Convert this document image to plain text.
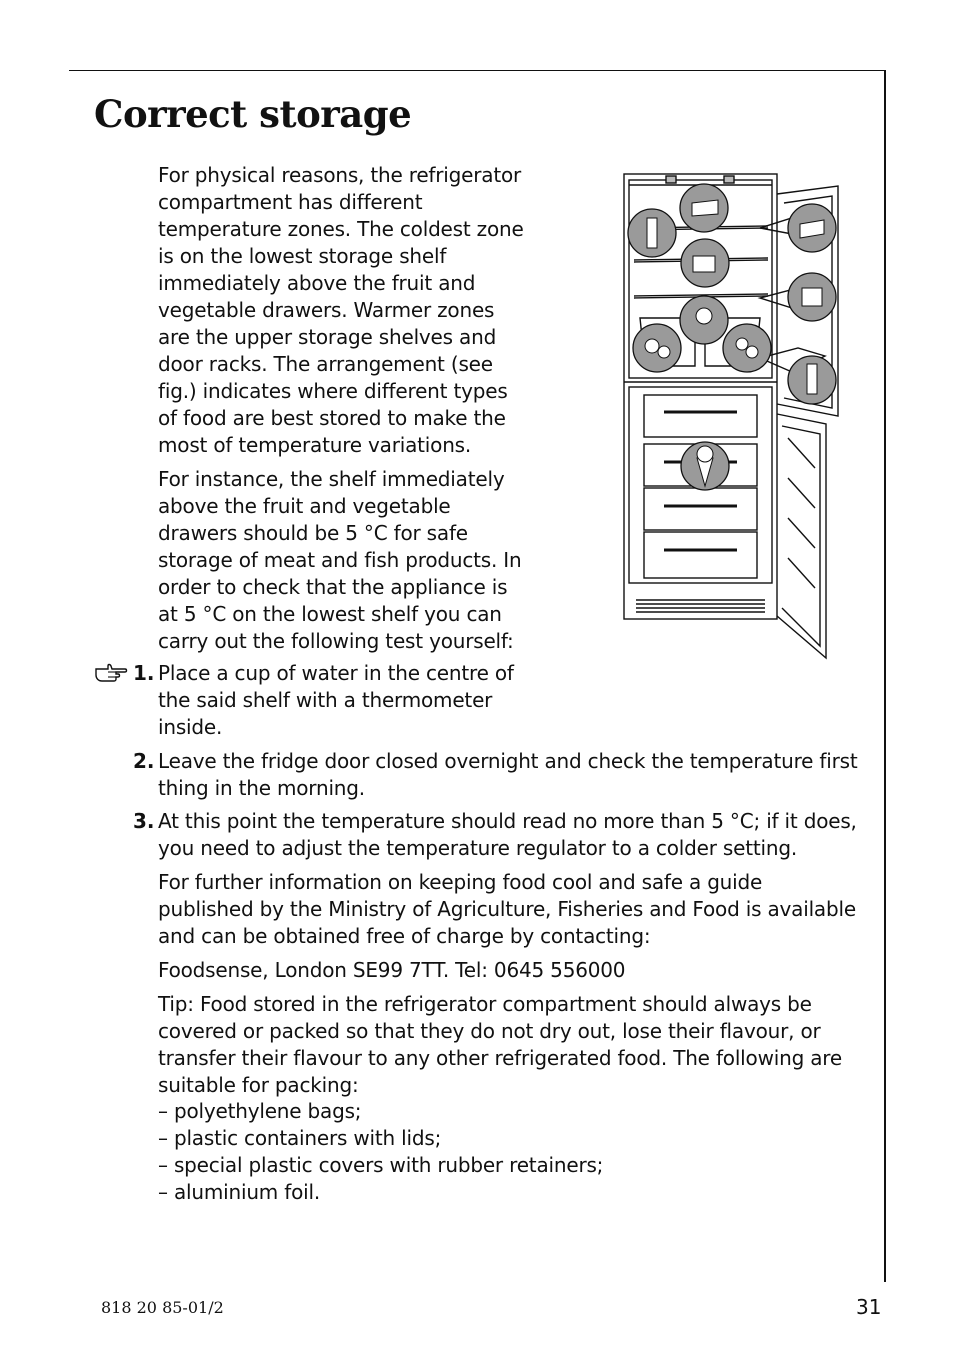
Correct storage

For physical reasons, the refrigerator compartment has different temperature zones. The coldest zone is on the lowest storage shelf immediately above the fruit and vegetable drawers. Warmer zones are the upper storage shelves and door racks. The arrangement (see fig.) indicates where different types of food are best stored to make the most of temperature variations.

For instance, the shelf immediately above the fruit and vegetable drawers should be 5 °C for safe storage of meat and fish products. In order to check that the appliance is at 5 °C on the lowest shelf you can carry out the following test yourself:

1. Place a cup of water in the centre of the said shelf with a thermometer inside.

2. Leave the fridge door closed overnight and check the temperature first thing in the morning.

3. At this point the temperature should read no more than 5 °C; if it does, you need to adjust the temperature regulator to a colder setting.

For further information on keeping food cool and safe a guide published by the Ministry of Agriculture, Fisheries and Food is available and can be obtained free of charge by contacting:

Foodsense, London SE99 7TT. Tel: 0645 556000

Tip: Food stored in the refrigerator compartment should always be covered or packed so that they do not dry out, lose their flavour, or transfer their flavour to any other refrigerated food. The following are suitable for packing:

– polyethylene bags;
– plastic containers with lids;
– special plastic covers with rubber retainers;
– aluminium foil.
818 20 85-01/2	31
